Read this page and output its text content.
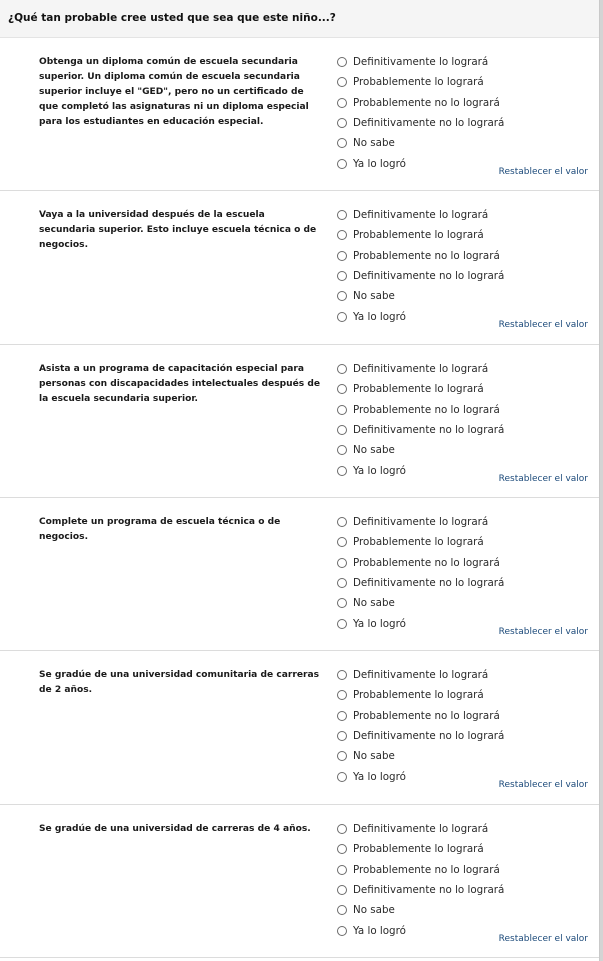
¿Qué tan probable cree usted que sea que este niño...?
Obtenga un diploma común de escuela secundaria superior. Un diploma común de escuela secundaria superior incluye el "GED", pero no un certificado de que completó las asignaturas ni un diploma especial para los estudiantes en educación especial.
Definitivamente lo logrará
Probablemente lo logrará
Probablemente no lo logrará
Definitivamente no lo logrará
No sabe
Ya lo logró
Restablecer el valor
Vaya a la universidad después de la escuela secundaria superior. Esto incluye escuela técnica o de negocios.
Definitivamente lo logrará
Probablemente lo logrará
Probablemente no lo logrará
Definitivamente no lo logrará
No sabe
Ya lo logró
Restablecer el valor
Asista a un programa de capacitación especial para personas con discapacidades intelectuales después de la escuela secundaria superior.
Definitivamente lo logrará
Probablemente lo logrará
Probablemente no lo logrará
Definitivamente no lo logrará
No sabe
Ya lo logró
Restablecer el valor
Complete un programa de escuela técnica o de negocios.
Definitivamente lo logrará
Probablemente lo logrará
Probablemente no lo logrará
Definitivamente no lo logrará
No sabe
Ya lo logró
Restablecer el valor
Se gradúe de una universidad comunitaria de carreras de 2 años.
Definitivamente lo logrará
Probablemente lo logrará
Probablemente no lo logrará
Definitivamente no lo logrará
No sabe
Ya lo logró
Restablecer el valor
Se gradúe de una universidad de carreras de 4 años.	Definitivamente lo logrará
Probablemente lo logrará
Probablemente no lo logrará
Definitivamente no lo logrará
No sabe
Ya lo logró
Restablecer el valor
